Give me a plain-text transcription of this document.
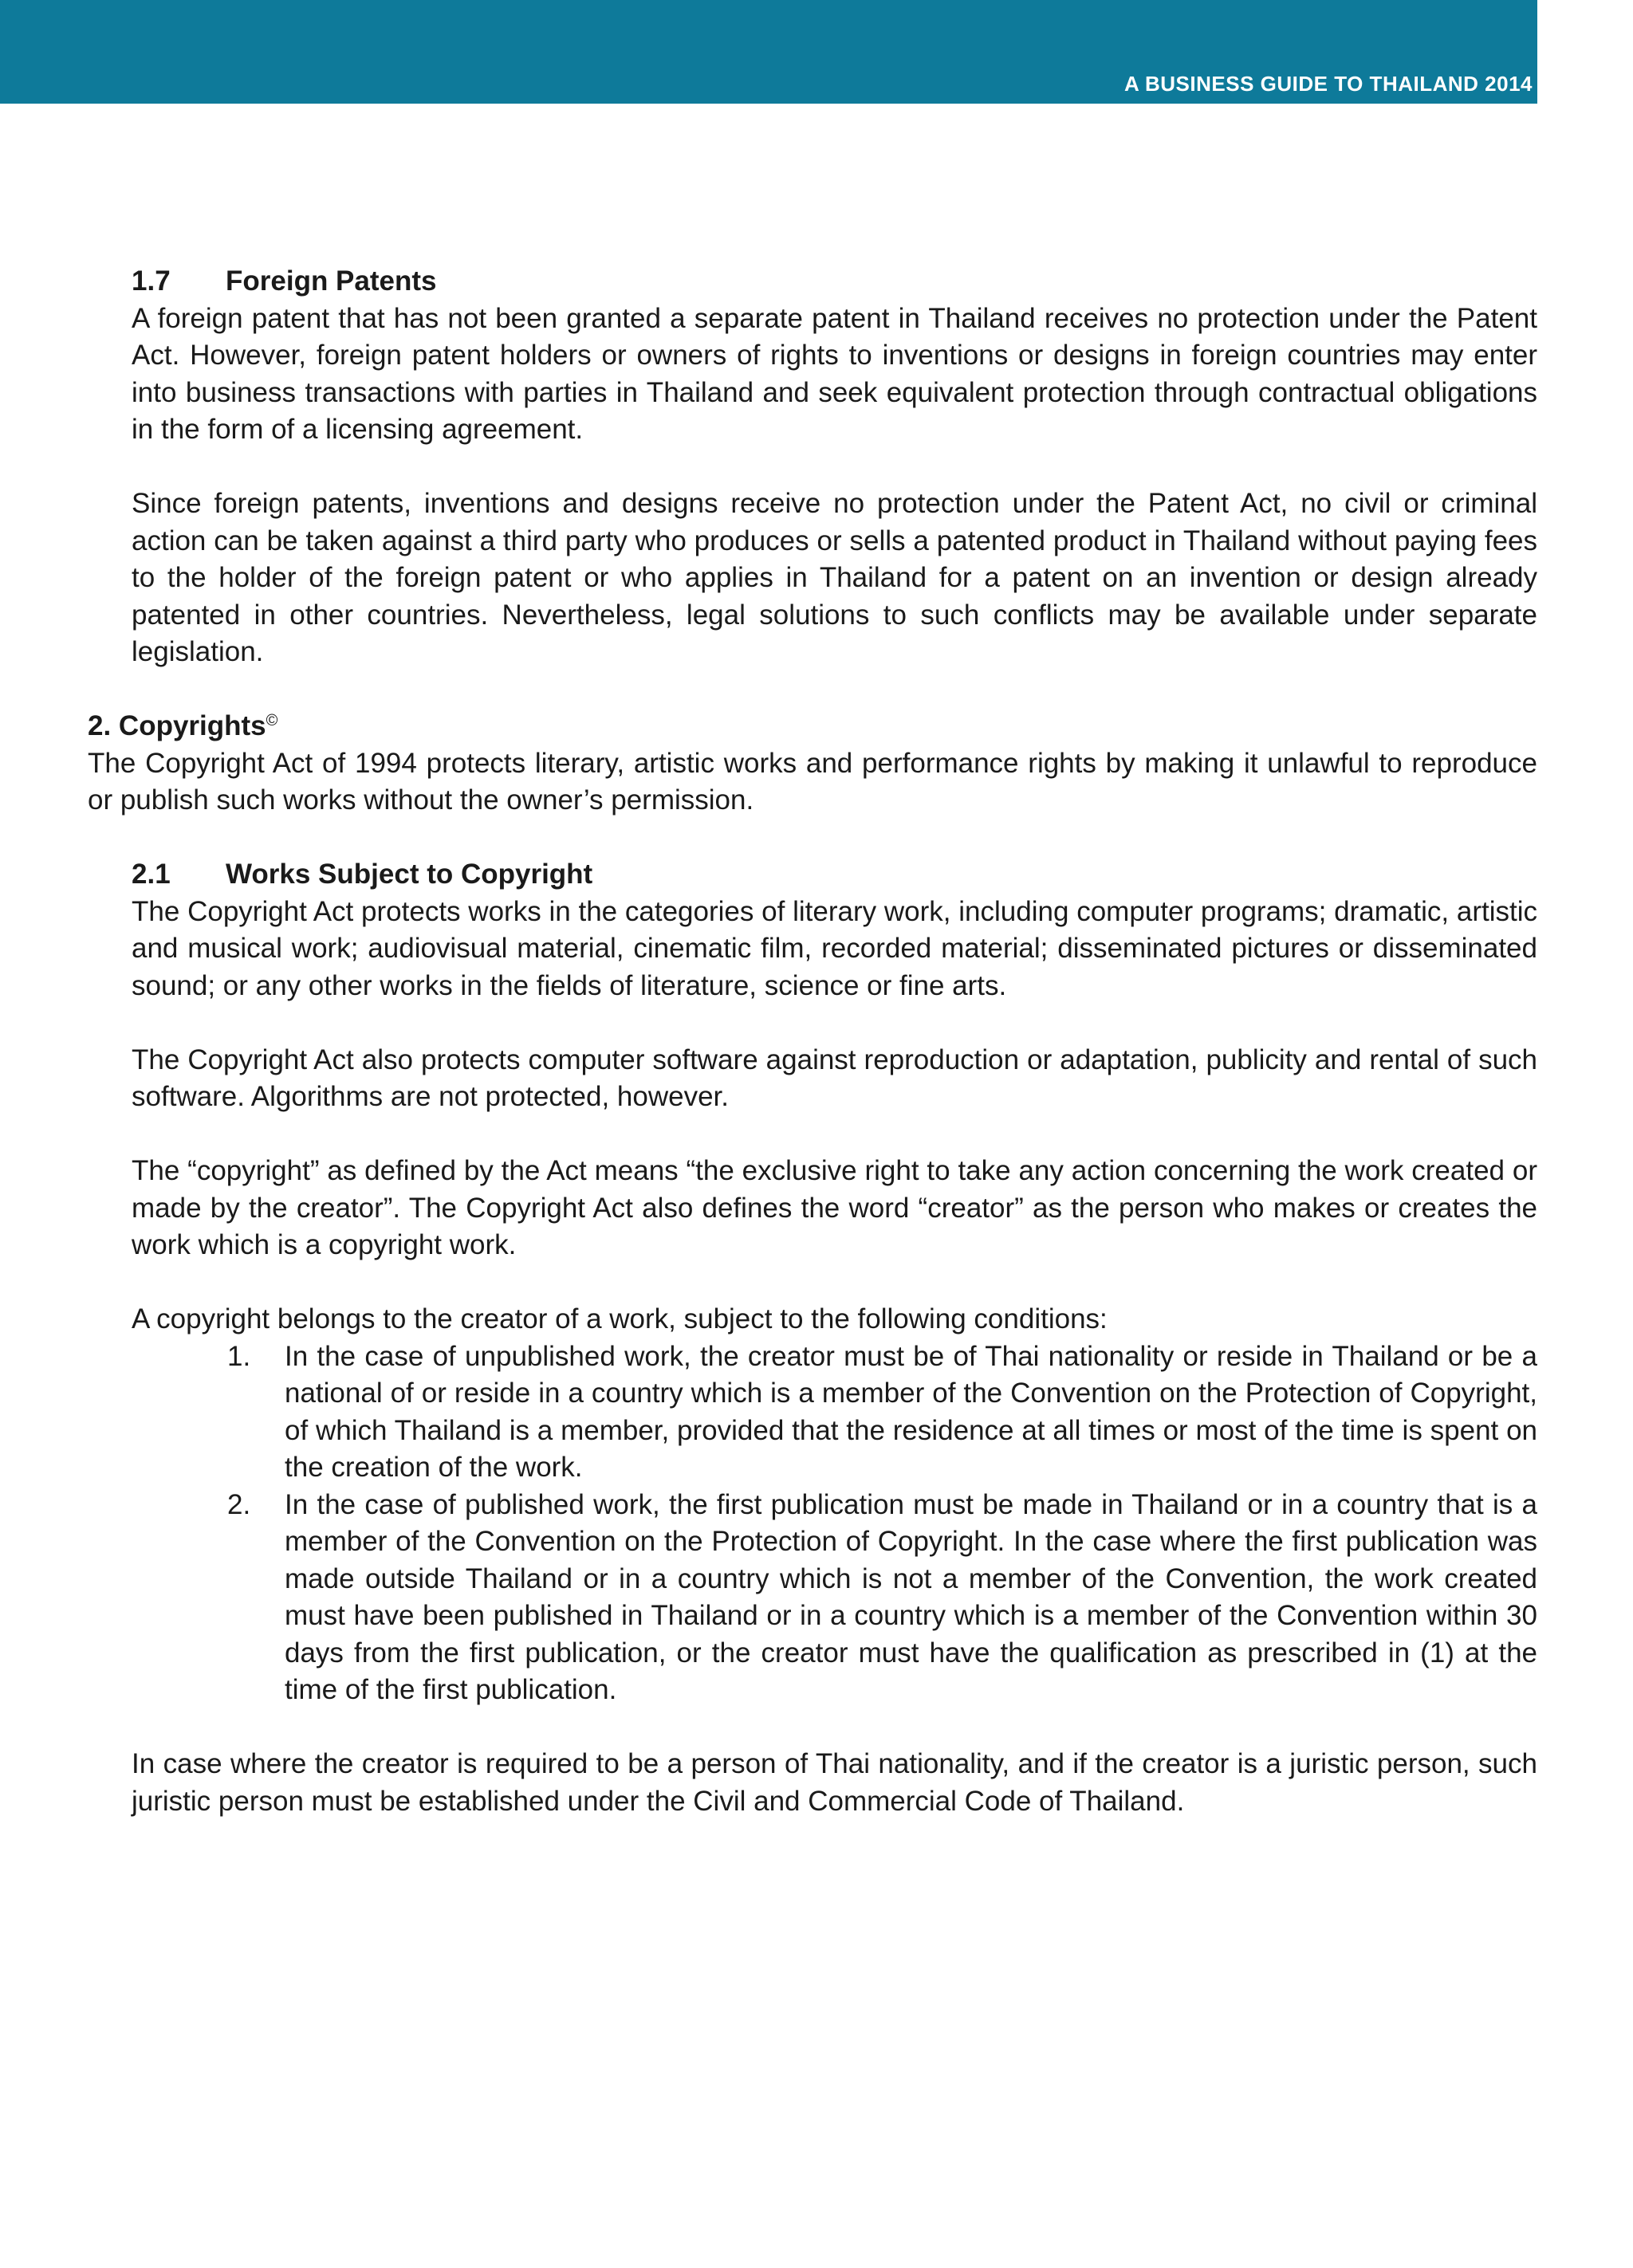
A BUSINESS GUIDE TO THAILAND 2014 65

1.7 Foreign Patents

A foreign patent that has not been granted a separate patent in Thailand receives no protection under the Patent Act. However, foreign patent holders or owners of rights to inventions or designs in foreign countries may enter into business transactions with parties in Thailand and seek equivalent protection through contractual obligations in the form of a licensing agreement.

Since foreign patents, inventions and designs receive no protection under the Patent Act, no civil or criminal action can be taken against a third party who produces or sells a patented product in Thailand without paying fees to the holder of the foreign patent or who applies in Thailand for a patent on an invention or design already patented in other countries. Nevertheless, legal solutions to such conflicts may be available under separate legislation.

2. Copyrights©

The Copyright Act of 1994 protects literary, artistic works and performance rights by making it unlawful to reproduce or publish such works without the owner’s permission.

2.1 Works Subject to Copyright

The Copyright Act protects works in the categories of literary work, including computer programs; dramatic, artistic and musical work; audiovisual material, cinematic film, recorded material; disseminated pictures or disseminated sound; or any other works in the fields of literature, science or fine arts.

The Copyright Act also protects computer software against reproduction or adaptation, publicity and rental of such software. Algorithms are not protected, however.

The “copyright” as defined by the Act means “the exclusive right to take any action concerning the work created or made by the creator”. The Copyright Act also defines the word “creator” as the person who makes or creates the work which is a copyright work.

A copyright belongs to the creator of a work, subject to the following conditions:

1.	In the case of unpublished work, the creator must be of Thai nationality or reside in Thailand or be a national of or reside in a country which is a member of the Convention on the Protection of Copyright, of which Thailand is a member, provided that the residence at all times or most of the time is spent on the creation of the work.
2.	In the case of published work, the first publication must be made in Thailand or in a country that is a member of the Convention on the Protection of Copyright. In the case where the first publication was made outside Thailand or in a country which is not a member of the Convention, the work created must have been published in Thailand or in a country which is a member of the Convention within 30 days from the first publication, or the creator must have the qualification as prescribed in (1) at the time of the first publication.

In case where the creator is required to be a person of Thai nationality, and if the creator is a juristic person, such juristic person must be established under the Civil and Commercial Code of Thailand.
